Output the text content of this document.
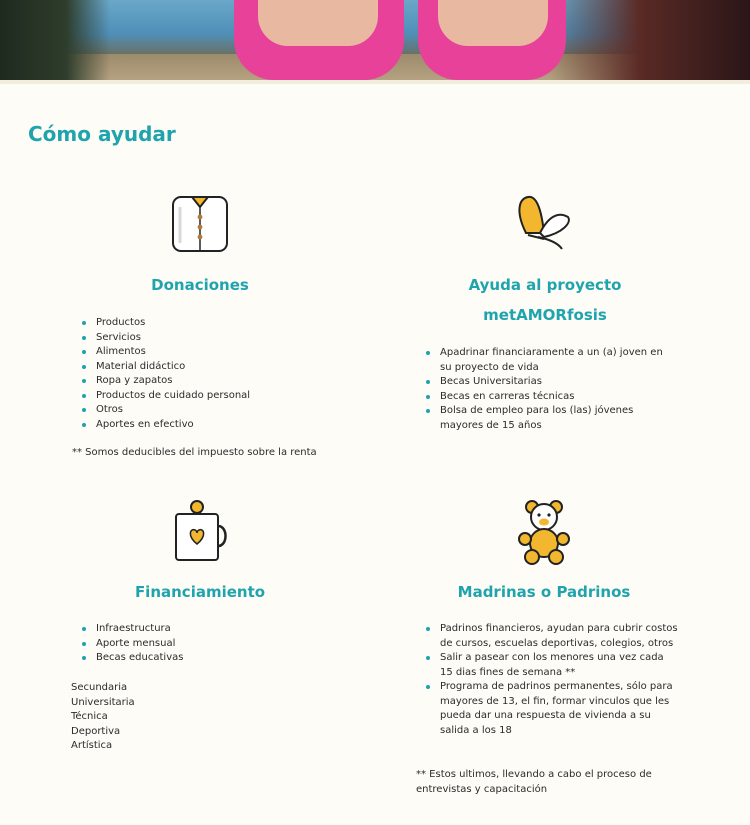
Cómo ayudar
Donaciones
Productos
Servicios
Alimentos
Material didáctico
Ropa y zapatos
Productos de cuidado personal
Otros
Aportes en efectivo

** Somos deducibles del impuesto sobre la renta

Ayuda al proyecto
metAMORfosis
Apadrinar financiaramente a un (a) joven en su proyecto de vida
Becas Universitarias
Becas en carreras técnicas
Bolsa de empleo para los (las) jóvenes mayores de 15 años
Financiamiento
Infraestructura
Aporte mensual
Becas educativas
Secundaria
Universitaria
Técnica
Deportiva
Artística
Madrinas o Padrinos
Padrinos financieros, ayudan para cubrir costos de cursos, escuelas deportivas, colegios, otros
Salir a pasear con los menores una vez cada 15 dias fines de semana **
Programa de padrinos permanentes, sólo para mayores de 13, el fin, formar vinculos que les pueda dar una respuesta de vivienda a su salida a los 18

** Estos ultimos, llevando a cabo el proceso de entrevistas y capacitación
